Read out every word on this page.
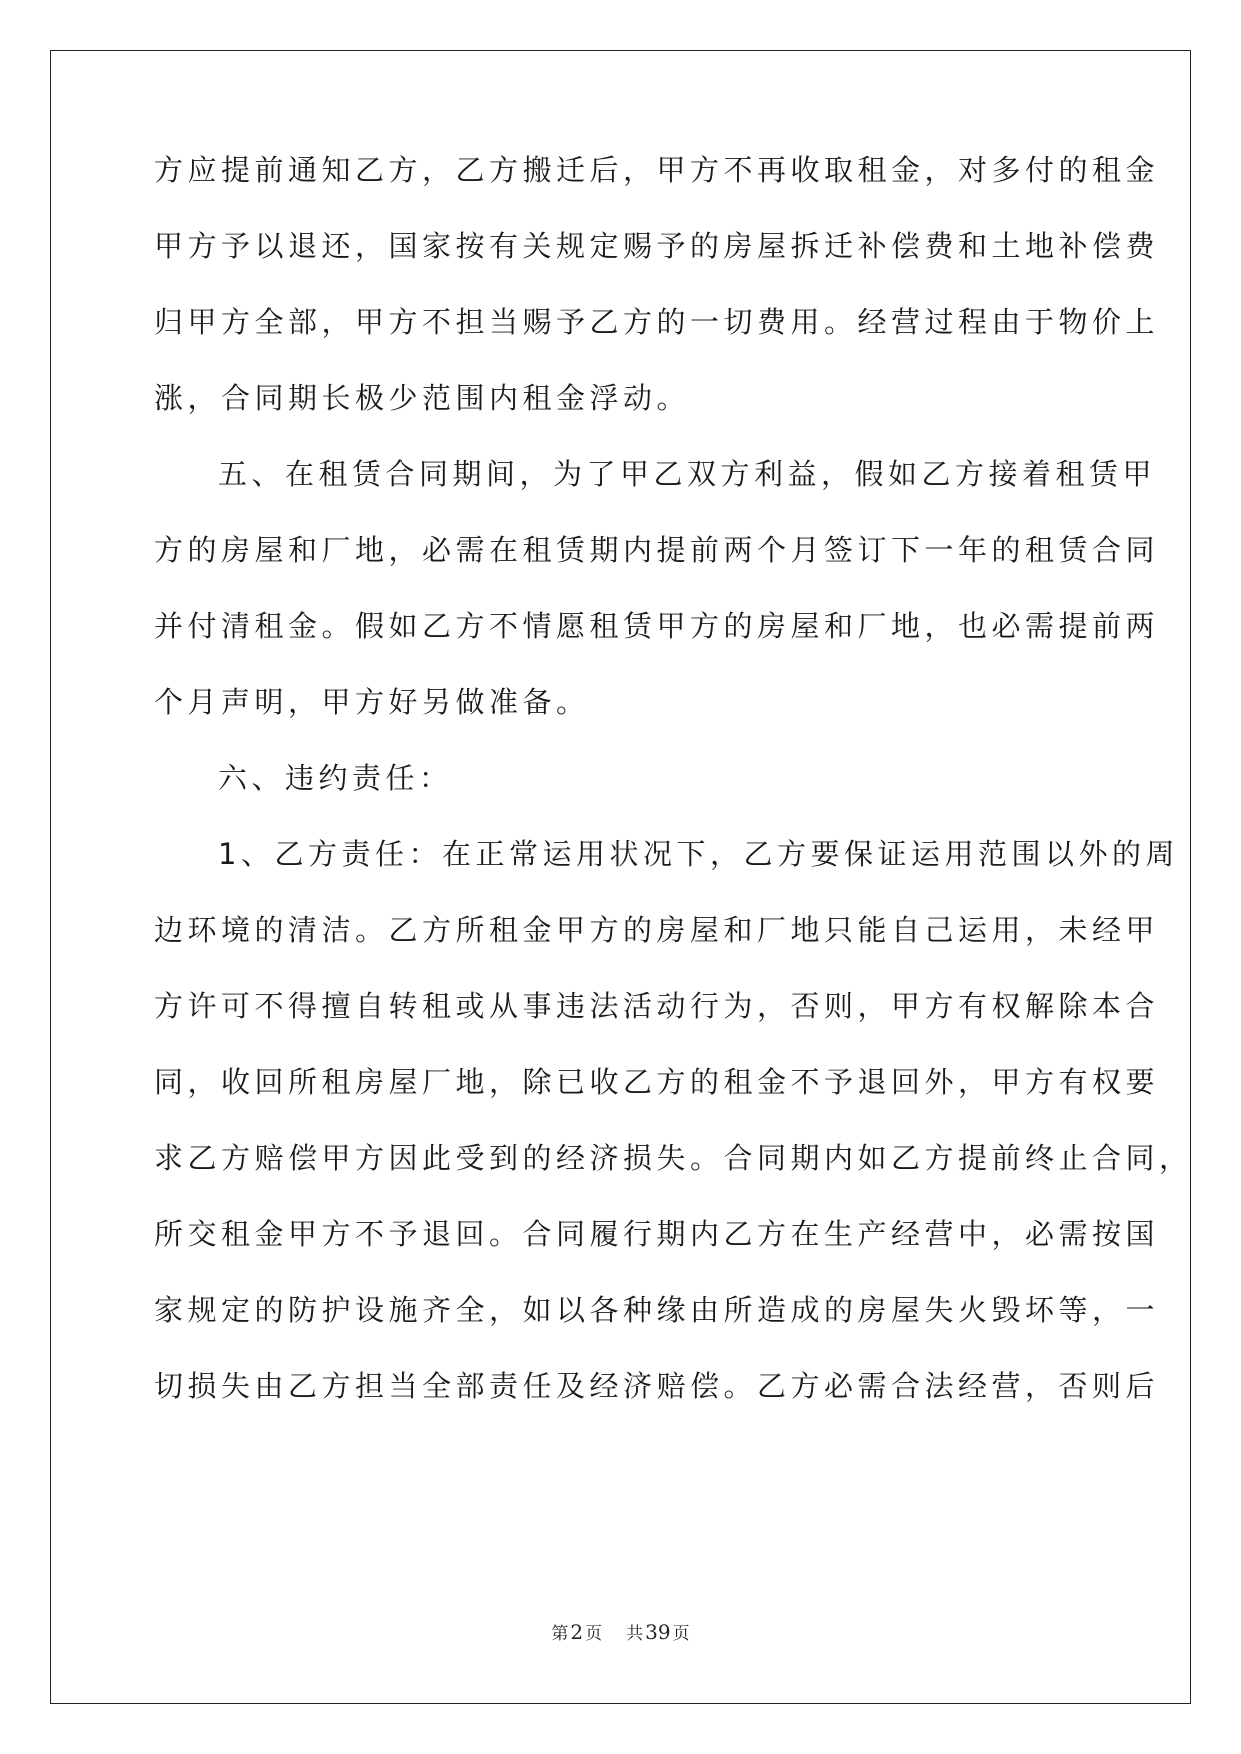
方应提前通知乙方，乙方搬迁后，甲方不再收取租金，对多付的租金
甲方予以退还，国家按有关规定赐予的房屋拆迁补偿费和土地补偿费
归甲方全部，甲方不担当赐予乙方的一切费用。经营过程由于物价上
涨，合同期长极少范围内租金浮动。
五、在租赁合同期间，为了甲乙双方利益，假如乙方接着租赁甲
方的房屋和厂地，必需在租赁期内提前两个月签订下一年的租赁合同
并付清租金。假如乙方不情愿租赁甲方的房屋和厂地，也必需提前两
个月声明，甲方好另做准备。
六、违约责任：
1、乙方责任：在正常运用状况下，乙方要保证运用范围以外的周
边环境的清洁。乙方所租金甲方的房屋和厂地只能自己运用，未经甲
方许可不得擅自转租或从事违法活动行为，否则，甲方有权解除本合
同，收回所租房屋厂地，除已收乙方的租金不予退回外，甲方有权要
求乙方赔偿甲方因此受到的经济损失。合同期内如乙方提前终止合同，
所交租金甲方不予退回。合同履行期内乙方在生产经营中，必需按国
家规定的防护设施齐全，如以各种缘由所造成的房屋失火毁坏等，一
切损失由乙方担当全部责任及经济赔偿。乙方必需合法经营，否则后
第 2 页 共 39 页
